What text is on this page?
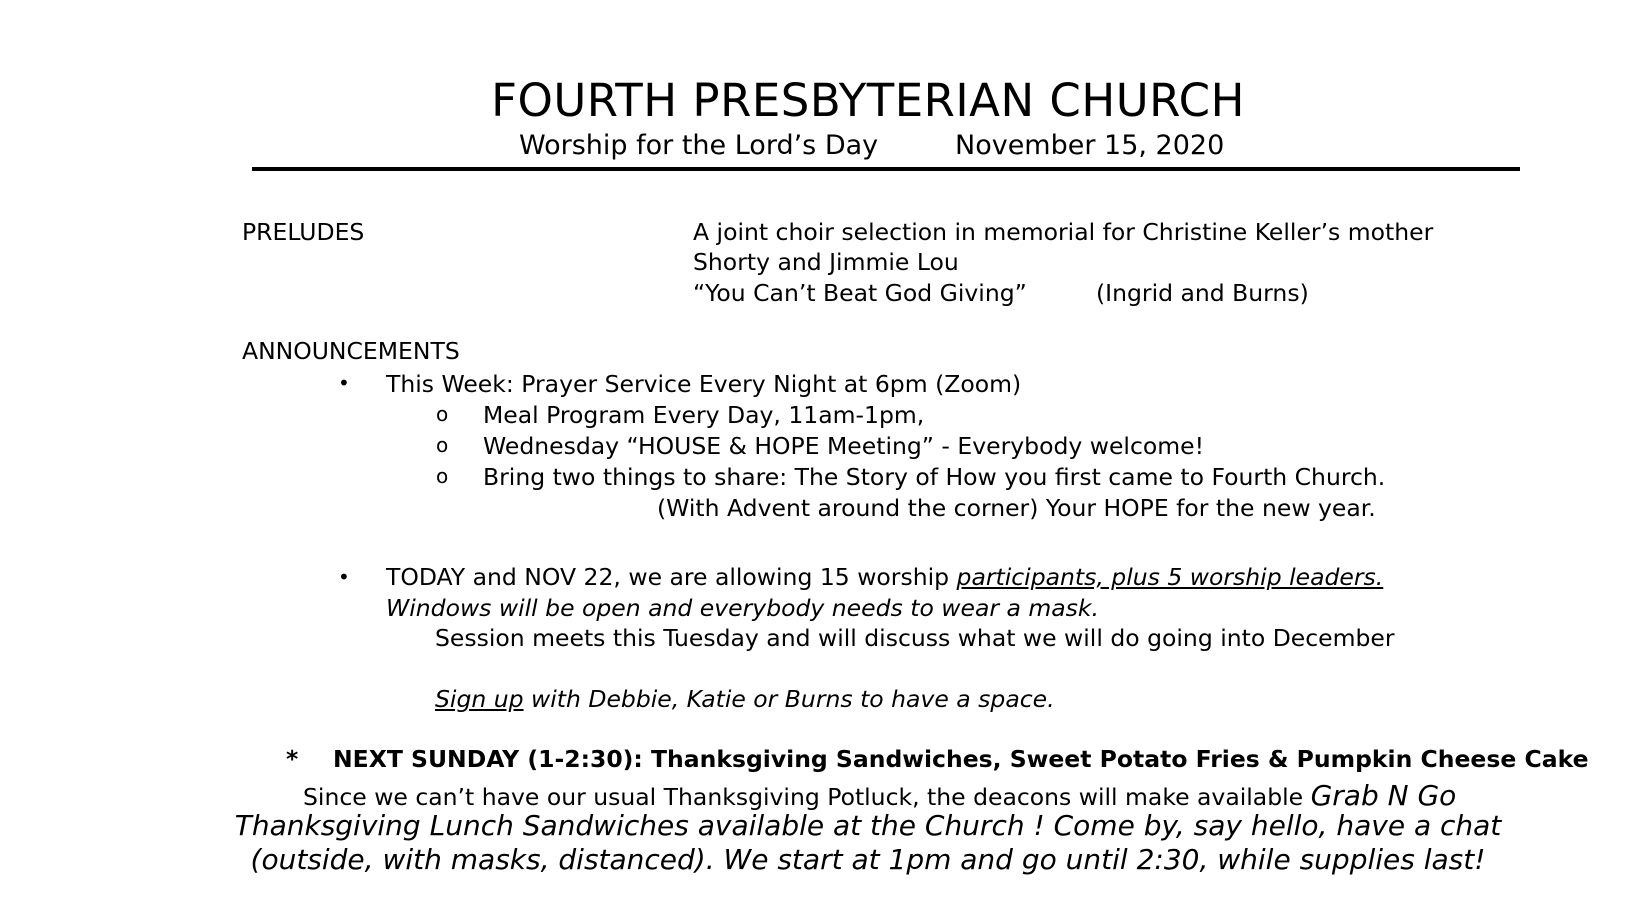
FOURTH PRESBYTERIAN CHURCH
Worship for the Lord’s Day	November 15, 2020
PRELUDES	A joint choir selection in memorial for Christine Keller’s mother
Shorty and Jimmie Lou
“You Can’t Beat God Giving”	(Ingrid and Burns)
ANNOUNCEMENTS
• This Week: Prayer Service Every Night at 6pm (Zoom)
o Meal Program Every Day, 11am-1pm,
o Wednesday “HOUSE & HOPE Meeting” - Everybody welcome!
o Bring two things to share: The Story of How you first came to Fourth Church.
(With Advent around the corner) Your HOPE for the new year.
• TODAY and NOV 22, we are allowing 15 worship participants, plus 5 worship leaders.
Windows will be open and everybody needs to wear a mask.
Session meets this Tuesday and will discuss what we will do going into December
Sign up with Debbie, Katie or Burns to have a space.
* NEXT SUNDAY (1-2:30): Thanksgiving Sandwiches, Sweet Potato Fries & Pumpkin Cheese Cake
Since we can’t have our usual Thanksgiving Potluck, the deacons will make available Grab N Go
Thanksgiving Lunch Sandwiches available at the Church ! Come by, say hello, have a chat
(outside, with masks, distanced). We start at 1pm and go until 2:30, while supplies last!
